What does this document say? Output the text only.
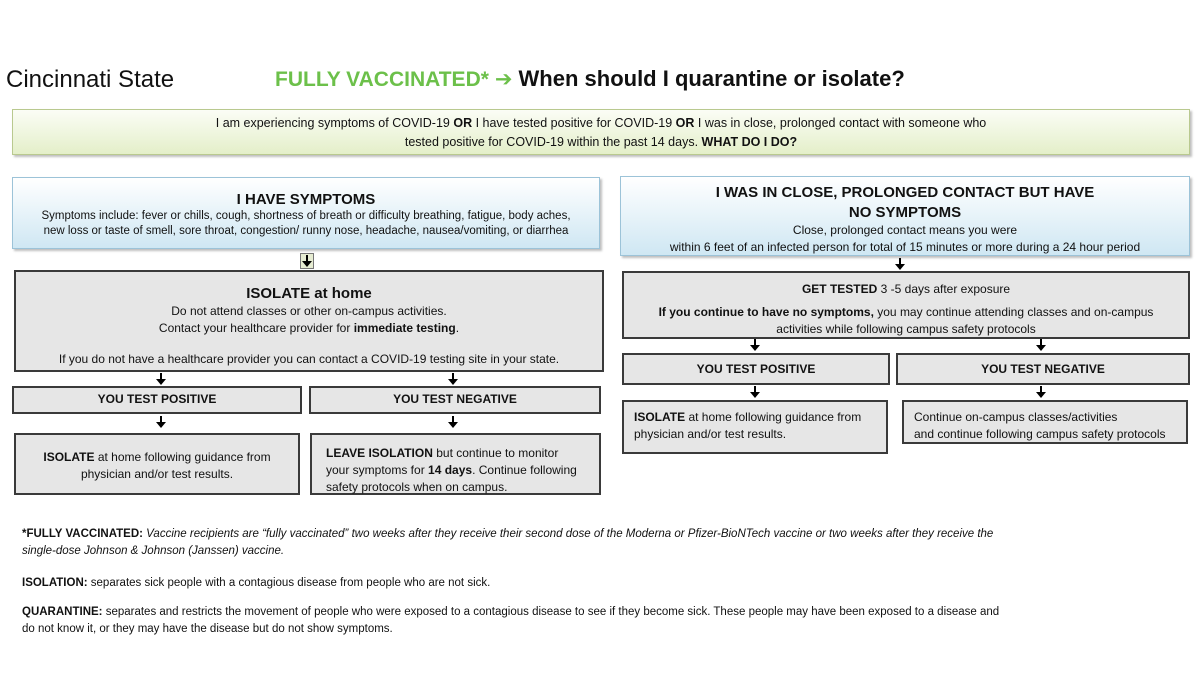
Cincinnati State	FULLY VACCINATED* ➔ When should I quarantine or isolate?
I am experiencing symptoms of COVID-19 OR I have tested positive for COVID-19 OR I was in close, prolonged contact with someone who
tested positive for COVID-19 within the past 14 days. WHAT DO I DO?
I HAVE SYMPTOMS
Symptoms include: fever or chills, cough, shortness of breath or difficulty breathing, fatigue, body aches,
new loss or taste of smell, sore throat, congestion/ runny nose, headache, nausea/vomiting, or diarrhea
ISOLATE at home
Do not attend classes or other on-campus activities.
Contact your healthcare provider for immediate testing.
If you do not have a healthcare provider you can contact a COVID-19 testing site in your state.
YOU TEST POSITIVE	YOU TEST NEGATIVE
ISOLATE at home following guidance from
physician and/or test results.
LEAVE ISOLATION but continue to monitor
your symptoms for 14 days. Continue following
safety protocols when on campus.
I WAS IN CLOSE, PROLONGED CONTACT BUT HAVE
NO SYMPTOMS
Close, prolonged contact means you were
within 6 feet of an infected person for total of 15 minutes or more during a 24 hour period
GET TESTED 3 -5 days after exposure
If you continue to have no symptoms, you may continue attending classes and on-campus
activities while following campus safety protocols
YOU TEST POSITIVE	YOU TEST NEGATIVE
ISOLATE at home following guidance from
physician and/or test results.
Continue on-campus classes/activities
and continue following campus safety protocols
*FULLY VACCINATED: Vaccine recipients are “fully vaccinated” two weeks after they receive their second dose of the Moderna or Pfizer-BioNTech vaccine or two weeks after they receive the
single-dose Johnson & Johnson (Janssen) vaccine.
ISOLATION: separates sick people with a contagious disease from people who are not sick.
QUARANTINE: separates and restricts the movement of people who were exposed to a contagious disease to see if they become sick. These people may have been exposed to a disease and
do not know it, or they may have the disease but do not show symptoms.
